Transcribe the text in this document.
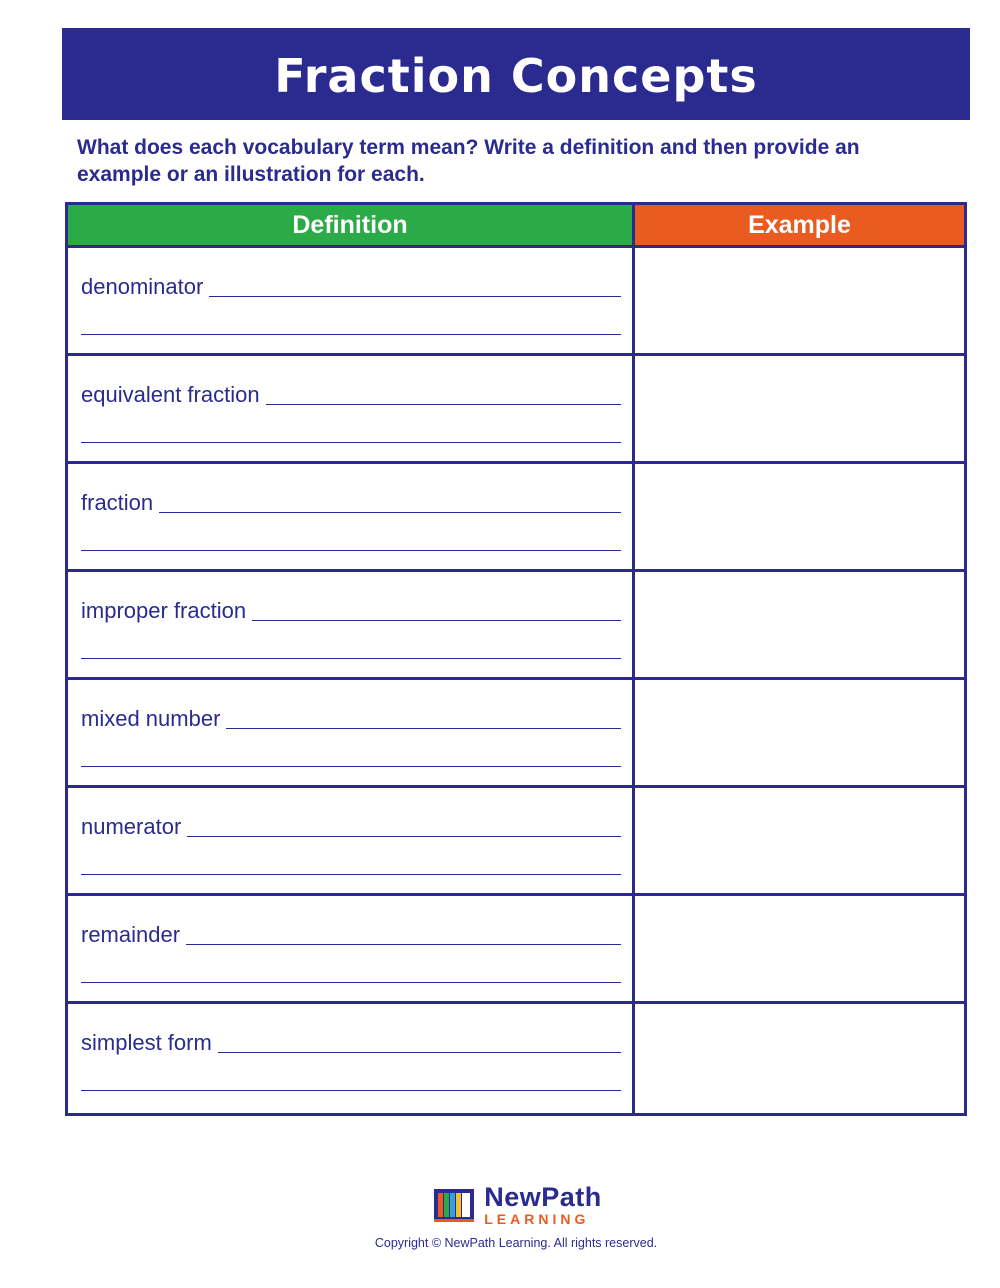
Fraction Concepts
What does each vocabulary term mean? Write a definition and then provide an example or an illustration for each.
Definition	Example
denominator
equivalent fraction
fraction
improper fraction
mixed number
numerator
remainder
simplest form
NewPath
LEARNING
Copyright © NewPath Learning. All rights reserved.
